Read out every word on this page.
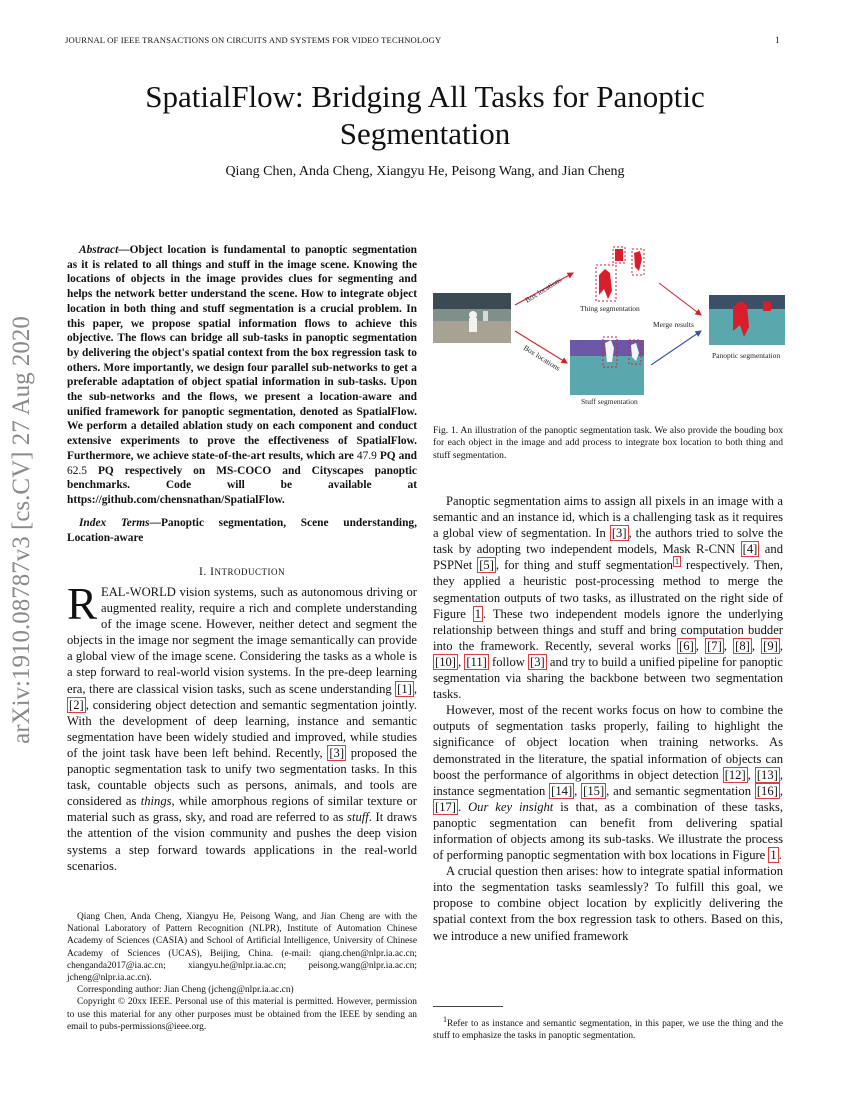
JOURNAL OF IEEE TRANSACTIONS ON CIRCUITS AND SYSTEMS FOR VIDEO TECHNOLOGY	1
SpatialFlow: Bridging All Tasks for Panoptic Segmentation
Qiang Chen, Anda Cheng, Xiangyu He, Peisong Wang, and Jian Cheng
arXiv:1910.08787v3 [cs.CV] 27 Aug 2020

Abstract—Object location is fundamental to panoptic segmentation as it is related to all things and stuff in the image scene. Knowing the locations of objects in the image provides clues for segmenting and helps the network better understand the scene. How to integrate object location in both thing and stuff segmentation is a crucial problem. In this paper, we propose spatial information flows to achieve this objective. The flows can bridge all sub-tasks in panoptic segmentation by delivering the object's spatial context from the box regression task to others. More importantly, we design four parallel sub-networks to get a preferable adaptation of object spatial information in sub-tasks. Upon the sub-networks and the flows, we present a location-aware and unified framework for panoptic segmentation, denoted as SpatialFlow. We perform a detailed ablation study on each component and conduct extensive experiments to prove the effectiveness of SpatialFlow. Furthermore, we achieve state-of-the-art results, which are 47.9 PQ and 62.5 PQ respectively on MS-COCO and Cityscapes panoptic benchmarks. Code will be available at https://github.com/chensnathan/SpatialFlow.

Index Terms—Panoptic segmentation, Scene understanding, Location-aware

I. INTRODUCTION

REAL-WORLD vision systems, such as autonomous driving or augmented reality, require a rich and complete understanding of the image scene. However, neither detect and segment the objects in the image nor segment the image semantically can provide a global view of the image scene. Considering the tasks as a whole is a step forward to real-world vision systems. In the pre-deep learning era, there are classical vision tasks, such as scene understanding [1] , [2] , considering object detection and semantic segmentation jointly. With the development of deep learning, instance and semantic segmentation have been widely studied and improved, while studies of the joint task have been left behind. Recently, [3] proposed the panoptic segmentation task to unify two segmentation tasks. In this task, countable objects such as persons, animals, and tools are considered as things, while amorphous regions of similar texture or material such as grass, sky, and road are referred to as stuff. It draws the attention of the vision community and pushes the deep vision systems a step forward towards applications in the real-world scenarios.

Qiang Chen, Anda Cheng, Xiangyu He, Peisong Wang, and Jian Cheng are with the National Laboratory of Pattern Recognition (NLPR), Institute of Automation Chinese Academy of Sciences (CASIA) and School of Artificial Intelligence, University of Chinese Academy of Sciences (UCAS), Beijing, China. (e-mail: qiang.chen@nlpr.ia.ac.cn; chenganda2017@ia.ac.cn; xiangyu.he@nlpr.ia.ac.cn; peisong.wang@nlpr.ia.ac.cn; jcheng@nlpr.ia.ac.cn).

Corresponding author: Jian Cheng (jcheng@nlpr.ia.ac.cn)

Copyright © 20xx IEEE. Personal use of this material is permitted. However, permission to use this material for any other purposes must be obtained from the IEEE by sending an email to pubs-permissions@ieee.org.

Thing segmentation
Stuff segmentation
Panoptic segmentation
Box locations
Box locations
Merge results
Fig. 1. An illustration of the panoptic segmentation task. We also provide the bouding box for each object in the image and add process to integrate box location to both thing and stuff segmentation.

Panoptic segmentation aims to assign all pixels in an image with a semantic and an instance id, which is a challenging task as it requires a global view of segmentation. In [3] , the authors tried to solve the task by adopting two independent models, Mask R-CNN [4] and PSPNet [5] , for thing and stuff segmentation $^1$ respectively. Then, they applied a heuristic post-processing method to merge the segmentation outputs of two tasks, as illustrated on the right side of Figure 1 . These two independent models ignore the underlying relationship between things and stuff and bring computation budder into the framework. Recently, several works [6] , [7] , [8] , [9] , [10] , [11] follow [3] and try to build a unified pipeline for panoptic segmentation via sharing the backbone between two segmentation tasks.

However, most of the recent works focus on how to combine the outputs of segmentation tasks properly, failing to highlight the significance of object location when training networks. As demonstrated in the literature, the spatial information of objects can boost the performance of algorithms in object detection [12] , [13] , instance segmentation [14] , [15] , and semantic segmentation [16] , [17] . Our key insight is that, as a combination of these tasks, panoptic segmentation can benefit from delivering spatial information of objects among its sub-tasks. We illustrate the process of performing panoptic segmentation with box locations in Figure 1 .

A crucial question then arises: how to integrate spatial information into the segmentation tasks seamlessly? To fulfill this goal, we propose to combine object location by explicitly delivering the spatial context from the box regression task to others. Based on this, we introduce a new unified framework

$^1$Refer to as instance and semantic segmentation, in this paper, we use the thing and the stuff to emphasize the tasks in panoptic segmentation.
